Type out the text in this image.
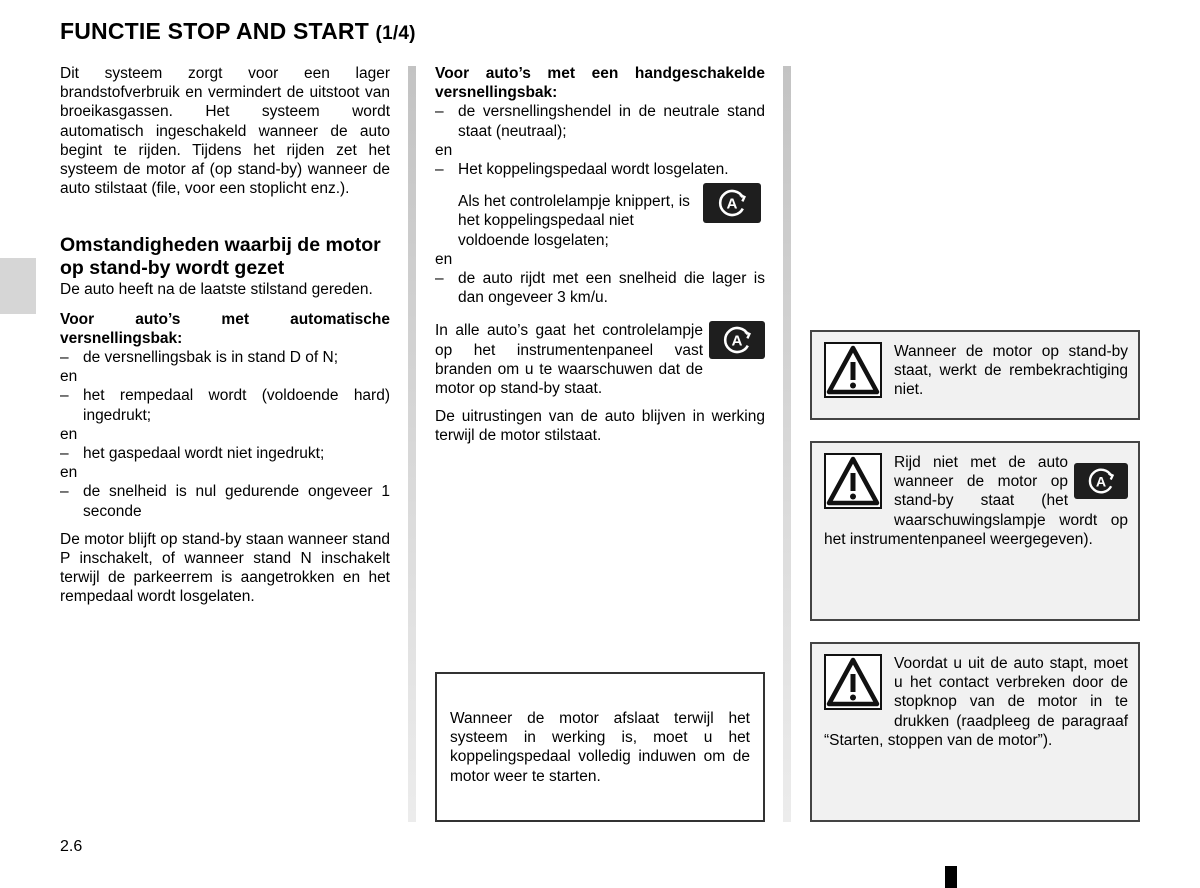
FUNCTIE STOP AND START (1/4)

Dit systeem zorgt voor een lager brandstofverbruik en vermindert de uitstoot van broeikasgassen. Het systeem wordt automatisch ingeschakeld wanneer de auto begint te rijden. Tijdens het rijden zet het systeem de motor af (op stand-by) wanneer de auto stilstaat (file, voor een stoplicht enz.).

Omstandigheden waarbij de motor op stand-by wordt gezet

De auto heeft na de laatste stilstand gereden.

Voor auto’s met automatische versnellingsbak:

– de versnellingsbak is in stand D of N;

en

– het rempedaal wordt (voldoende hard) ingedrukt;

en

– het gaspedaal wordt niet ingedrukt;

en

– de snelheid is nul gedurende ongeveer 1 seconde

De motor blijft op stand-by staan wanneer stand P inschakelt, of wanneer stand N inschakelt terwijl de parkeerrem is aangetrokken en het rempedaal wordt losgelaten.

Voor auto’s met een handgeschakelde versnellingsbak:

– de versnellingshendel in de neutrale stand staat (neutraal);

en

– Het koppelingspedaal wordt losgelaten.
A
Als het controlelampje knippert, is het koppelingspedaal niet voldoende losgelaten;

en

– de auto rijdt met een snelheid die lager is dan ongeveer 3 km/u.
A

In alle auto’s gaat het controlelampje op het instrumentenpaneel vast branden om u te waarschuwen dat de motor op stand-by staat.

De uitrustingen van de auto blijven in werking terwijl de motor stilstaat.

Wanneer de motor afslaat terwijl het systeem in werking is, moet u het koppelingspedaal volledig induwen om de motor weer te starten.

Wanneer de motor op stand-by staat, werkt de rembekrachtiging niet.

A

Rijd niet met de auto wanneer de motor op stand-by staat (het waarschuwingslampje wordt op het instrumentenpaneel weergegeven).

Voordat u uit de auto stapt, moet u het contact verbreken door de stopknop van de motor in te drukken (raadpleeg de paragraaf “Starten, stoppen van de motor”).

2.6
